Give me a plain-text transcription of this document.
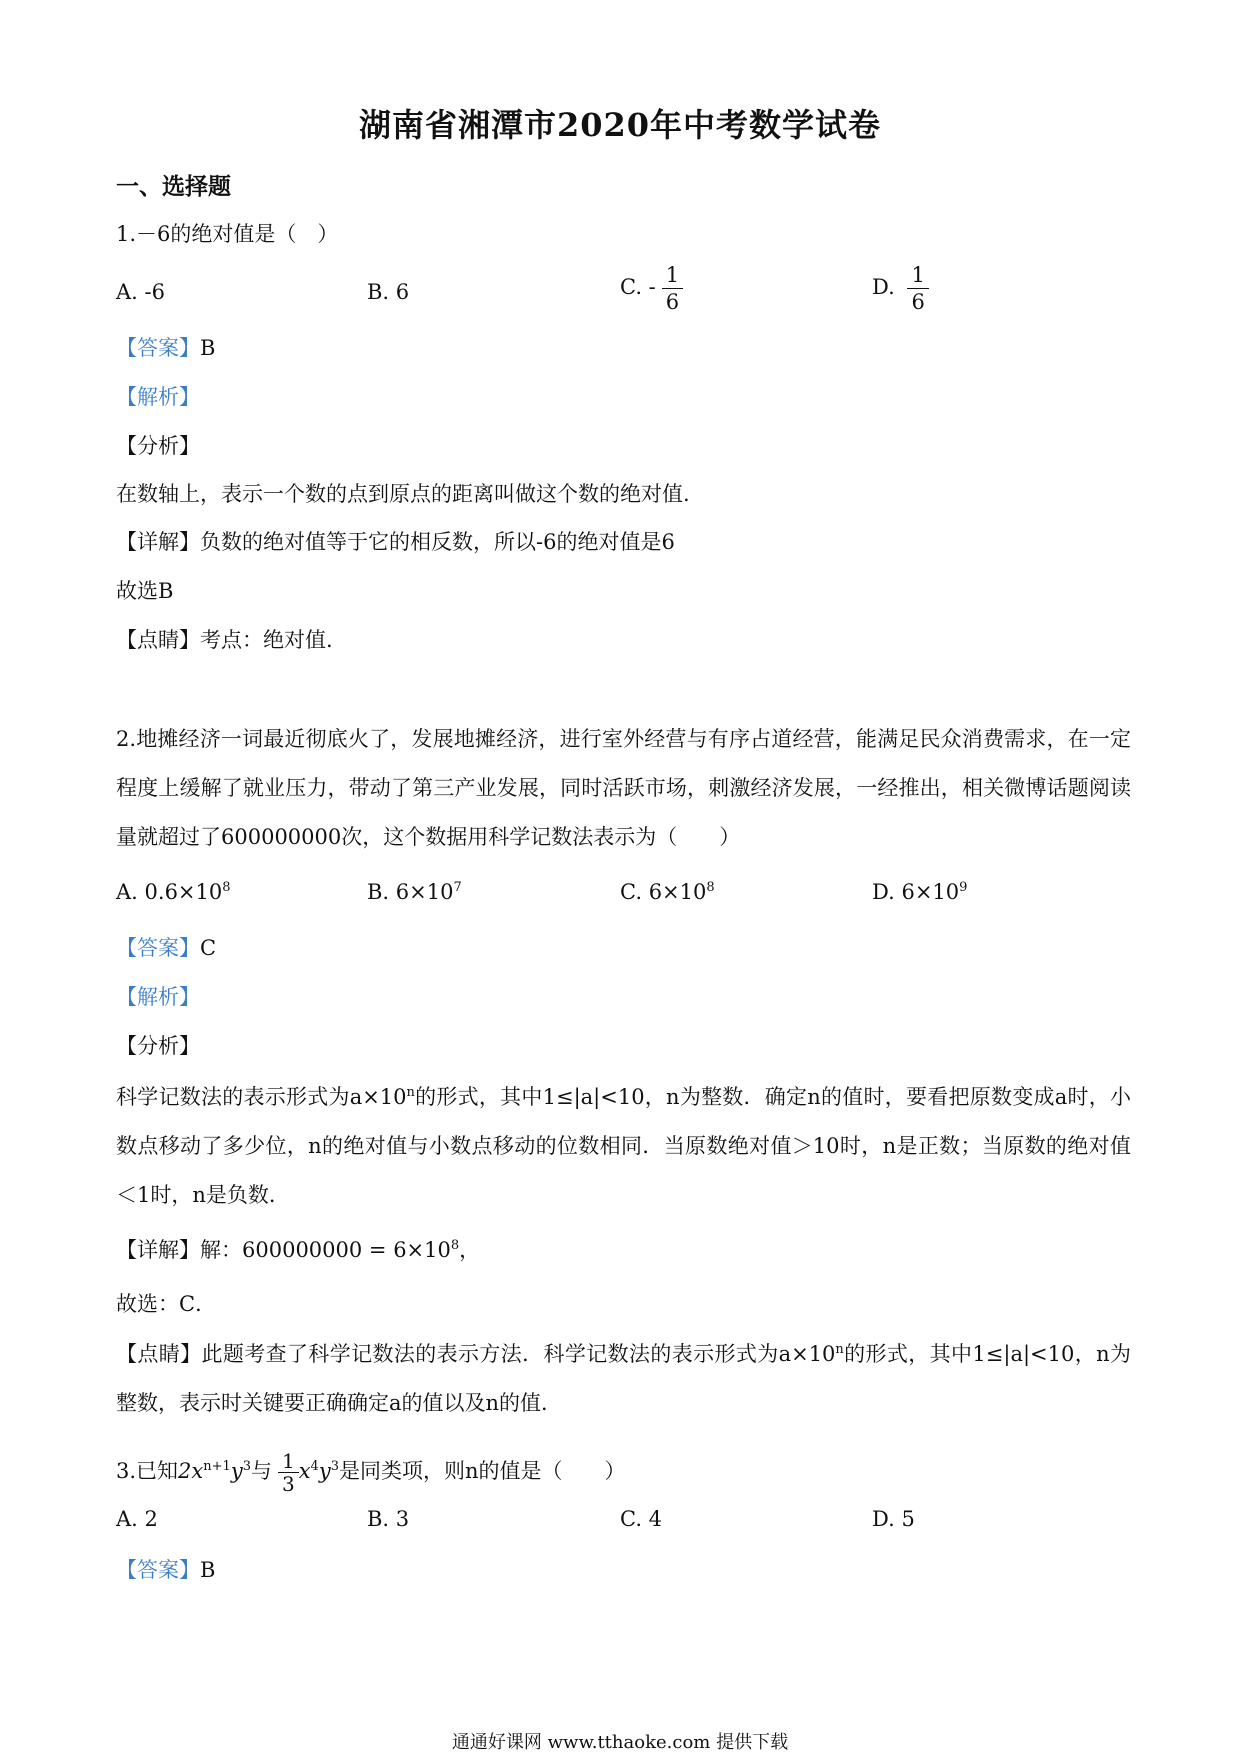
湖南省湘潭市2020年中考数学试卷
一、选择题
1.－6的绝对值是（　）
A. -6	B. 6	C. - $\frac{1}{6}$	D. $\frac{1}{6}$
【答案】B
【解析】
【分析】
在数轴上，表示一个数的点到原点的距离叫做这个数的绝对值.
【详解】负数的绝对值等于它的相反数，所以-6的绝对值是6
故选B
【点睛】考点：绝对值.
2.地摊经济一词最近彻底火了，发展地摊经济，进行室外经营与有序占道经营，能满足民众消费需求，在一定程度上缓解了就业压力，带动了第三产业发展，同时活跃市场，刺激经济发展，一经推出，相关微博话题阅读量就超过了600000000次，这个数据用科学记数法表示为（　　）
A. $0.6\times 10^8$	B. $6\times 10^7$	C. $6\times 10^8$	D. $6\times 10^9$
【答案】C
【解析】
【分析】
科学记数法的表示形式为$a\times 10^n$的形式，其中1≤|a|<10，n为整数．确定n的值时，要看把原数变成a时，小数点移动了多少位，n的绝对值与小数点移动的位数相同．当原数绝对值＞10时，n是正数；当原数的绝对值＜1时，n是负数．
【详解】解：$600000000 = 6\times 10^8$，
故选：C．
【点睛】此题考查了科学记数法的表示方法．科学记数法的表示形式为$a\times 10^n$的形式，其中1≤|a|<10，n为整数，表示时关键要正确确定a的值以及n的值．
3.已知$2x^{n+1}y^3$与 $\frac{1}{3} x^4y^3$是同类项，则n的值是（　　）
A. 2	B. 3	C. 4	D. 5
【答案】B
通通好课网 www.tthaoke.com 提供下载
